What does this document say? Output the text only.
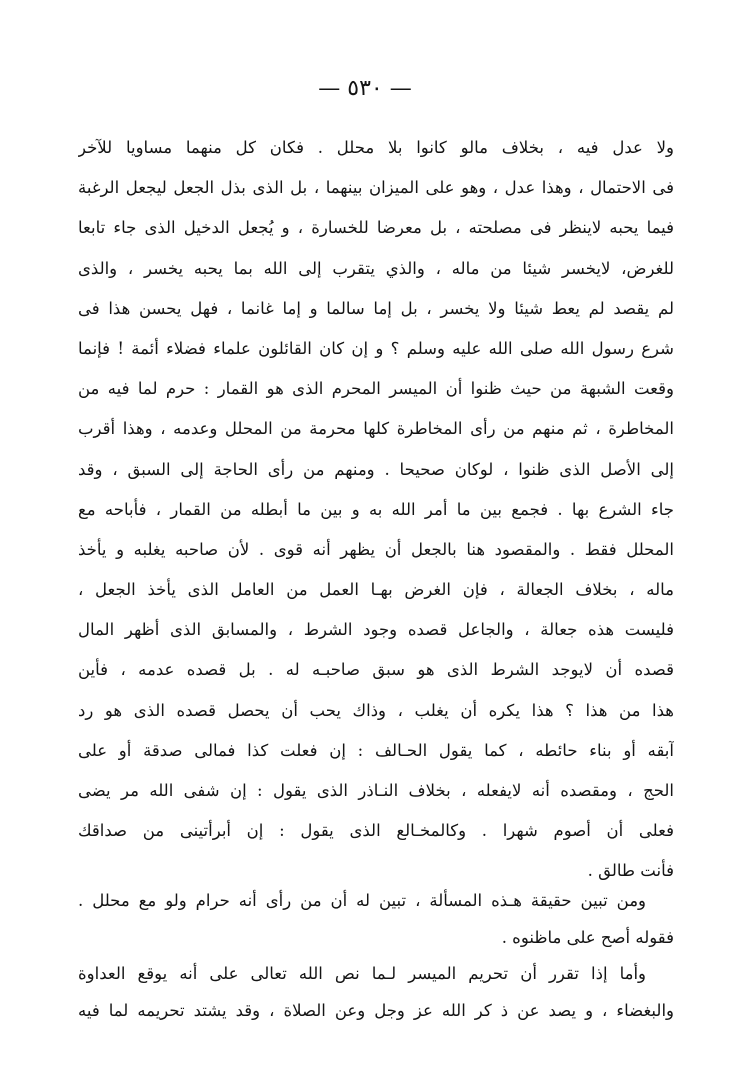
— ٥٣٠ —
ولا عدل فيه ، بخلاف مالو كانوا بلا محلل . فكان كل منهما مساويا للآخر
فى الاحتمال ، وهذا عدل ، وهو على الميزان بينهما ، بل الذى بذل الجعل ليجعل الرغبة
فيما يحبه لاينظر فى مصلحته ، بل معرضا للخسارة ، و يُجعل الدخيل الذى جاء تابعا
للغرض، لايخسر شيئا من ماله ، والذي يتقرب إلى الله بما يحبه يخسر ، والذى
لم يقصد لم يعط شيئا ولا يخسر ، بل إما سالما و إما غانما ، فهل يحسن هذا فى
شرع رسول الله صلى الله عليه وسلم ؟ و إن كان القائلون علماء فضلاء أئمة ! فإنما
وقعت الشبهة من حيث ظنوا أن الميسر المحرم الذى هو القمار : حرم لما فيه من
المخاطرة ، ثم منهم من رأى المخاطرة كلها محرمة من المحلل وعدمه ، وهذا أقرب
إلى الأصل الذى ظنوا ، لوكان صحيحا . ومنهم من رأى الحاجة إلى السبق ، وقد
جاء الشرع بها . فجمع بين ما أمر الله به و بين ما أبطله من القمار ، فأباحه مع
المحلل فقط . والمقصود هنا بالجعل أن يظهر أنه قوى . لأن صاحبه يغلبه و يأخذ
ماله ، بخلاف الجعالة ، فإن الغرض بهـا العمل من العامل الذى يأخذ الجعل ،
فليست هذه جعالة ، والجاعل قصده وجود الشرط ، والمسابق الذى أظهر المال
قصده أن لايوجد الشرط الذى هو سبق صاحبـه له . بل قصده عدمه ، فأين
هذا من هذا ؟ هذا يكره أن يغلب ، وذاك يحب أن يحصل قصده الذى هو رد
آبقه أو بناء حائطه ، كما يقول الحـالف : إن فعلت كذا فمالى صدقة أو على
الحج ، ومقصده أنه لايفعله ، بخلاف النـاذر الذى يقول : إن شفى الله مر يضى
فعلى أن أصوم شهرا . وكالمخـالع الذى يقول : إن أبرأتينى من صداقك
فأنت طالق .
ومن تبين حقيقة هـذه المسألة ، تبين له أن من رأى أنه حرام ولو مع محلل .
فقوله أصح على ماظنوه .
وأما إذا تقرر أن تحريم الميسر لـما نص الله تعالى على أنه يوقع العداوة
والبغضاء ، و يصد عن ذ كر الله عز وجل وعن الصلاة ، وقد يشتد تحريمه لما فيه
